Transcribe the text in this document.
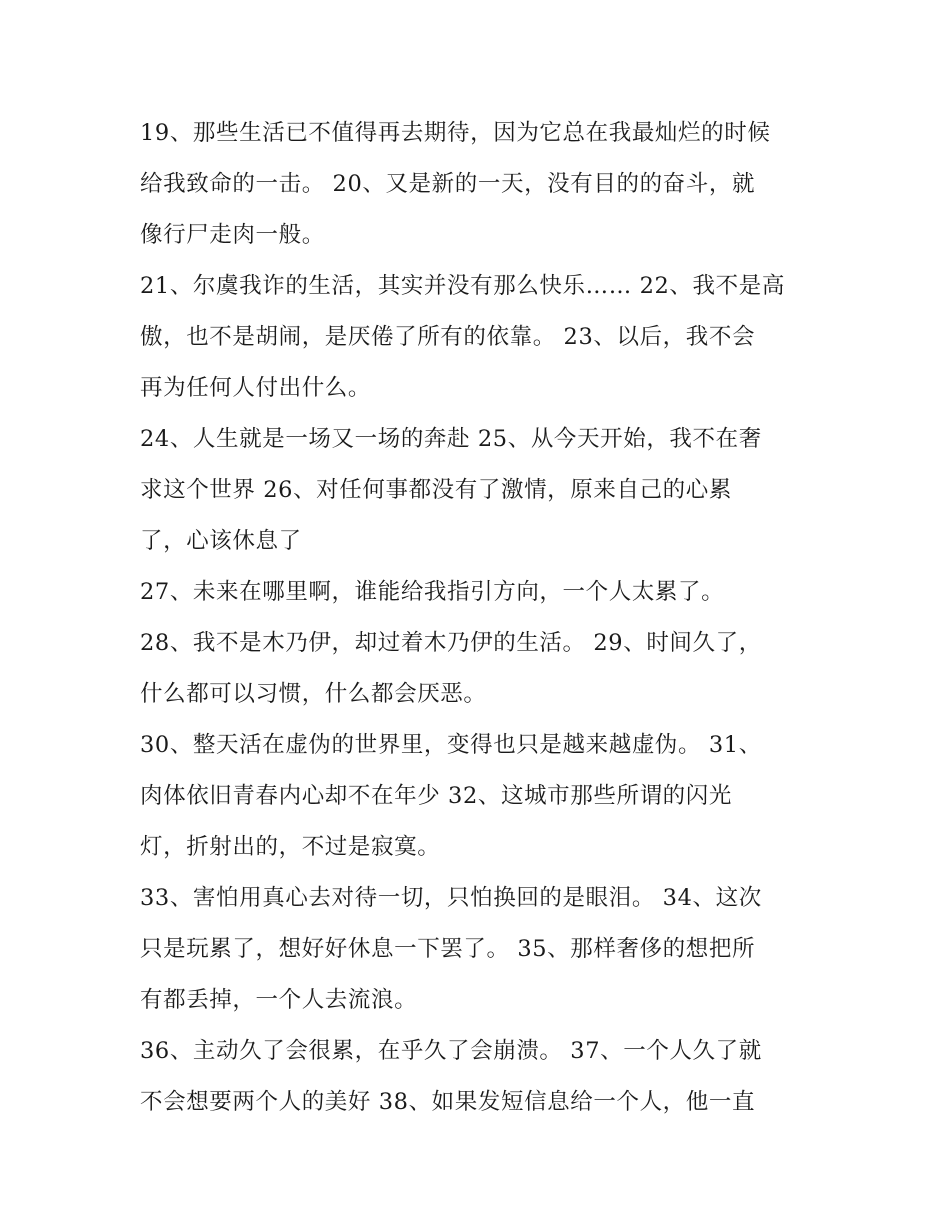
19、那些生活已不值得再去期待，因为它总在我最灿烂的时候

给我致命的一击。 20、又是新的一天，没有目的的奋斗，就

像行尸走肉一般。

21、尔虞我诈的生活，其实并没有那么快乐…… 22、我不是高

傲，也不是胡闹，是厌倦了所有的依靠。 23、以后，我不会

再为任何人付出什么。

24、人生就是一场又一场的奔赴 25、从今天开始，我不在奢

求这个世界 26、对任何事都没有了激情，原来自己的心累

了，心该休息了

27、未来在哪里啊，谁能给我指引方向，一个人太累了。

28、我不是木乃伊，却过着木乃伊的生活。 29、时间久了，

什么都可以习惯，什么都会厌恶。

30、整天活在虚伪的世界里，变得也只是越来越虚伪。 31、

肉体依旧青春内心却不在年少 32、这城市那些所谓的闪光

灯，折射出的，不过是寂寞。

33、害怕用真心去对待一切，只怕换回的是眼泪。 34、这次

只是玩累了，想好好休息一下罢了。 35、那样奢侈的想把所

有都丢掉，一个人去流浪。

36、主动久了会很累，在乎久了会崩溃。 37、一个人久了就

不会想要两个人的美好 38、如果发短信息给一个人，他一直
